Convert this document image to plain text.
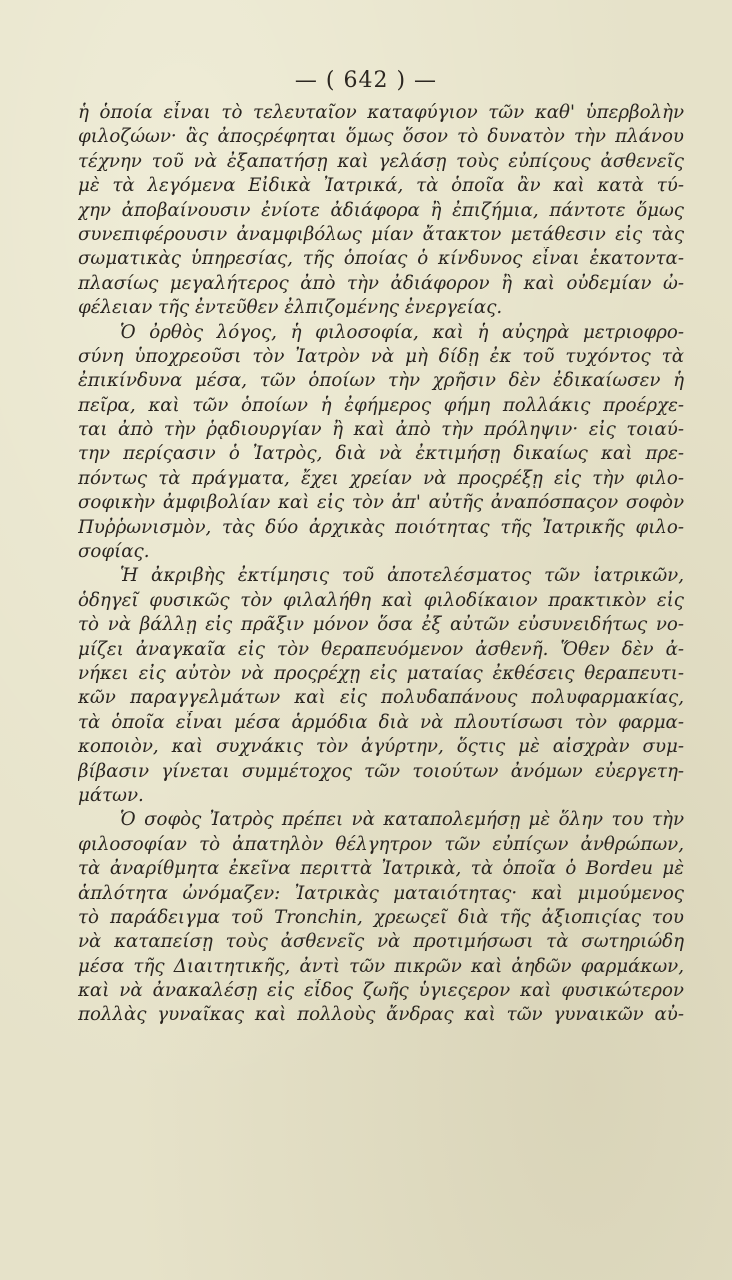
— ( 642 ) —
ἡ ὁποία εἶναι τὸ τελευταῖον καταφύγιον τῶν καθ' ὑπερβολὴν
φιλοζώων· ἃς ἀποςρέφηται ὅμως ὅσον τὸ δυνατὸν τὴν πλάνου
τέχνην τοῦ νὰ ἐξαπατήσῃ καὶ γελάσῃ τοὺς εὐπίςους ἀσθενεῖς
μὲ τὰ λεγόμενα Εἰδικὰ Ἰατρικά, τὰ ὁποῖα ἂν καὶ κατὰ τύ-
χην ἀποβαίνουσιν ἐνίοτε ἀδιάφορα ἢ ἐπιζήμια, πάντοτε ὅμως
συνεπιφέρουσιν ἀναμφιβόλως μίαν ἄτακτον μετάθεσιν εἰς τὰς
σωματικὰς ὑπηρεσίας, τῆς ὁποίας ὁ κίνδυνος εἶναι ἑκατοντα-
πλασίως μεγαλήτερος ἀπὸ τὴν ἀδιάφορον ἢ καὶ οὐδεμίαν ὠ-
φέλειαν τῆς ἐντεῦθεν ἐλπιζομένης ἐνεργείας.
Ὁ ὀρθὸς λόγος, ἡ φιλοσοφία, καὶ ἡ αὐςηρὰ μετριοφρο-
σύνη ὑποχρεοῦσι τὸν Ἰατρὸν νὰ μὴ δίδῃ ἐκ τοῦ τυχόντος τὰ
ἐπικίνδυνα μέσα, τῶν ὁποίων τὴν χρῆσιν δὲν ἐδικαίωσεν ἡ
πεῖρα, καὶ τῶν ὁποίων ἡ ἐφήμερος φήμη πολλάκις προέρχε-
ται ἀπὸ τὴν ῥᾳδιουργίαν ἢ καὶ ἀπὸ τὴν πρόληψιν· εἰς τοιαύ-
την περίςασιν ὁ Ἰατρὸς, διὰ νὰ ἐκτιμήσῃ δικαίως καὶ πρε-
πόντως τὰ πράγματα, ἔχει χρείαν νὰ προςρέξῃ εἰς τὴν φιλο-
σοφικὴν ἀμφιβολίαν καὶ εἰς τὸν ἀπ' αὐτῆς ἀναπόσπαςον σοφὸν
Πυῤῥωνισμὸν, τὰς δύο ἀρχικὰς ποιότητας τῆς Ἰατρικῆς φιλο-
σοφίας.
Ἡ ἀκριβὴς ἐκτίμησις τοῦ ἀποτελέσματος τῶν ἰατρικῶν,
ὁδηγεῖ φυσικῶς τὸν φιλαλήθη καὶ φιλοδίκαιον πρακτικὸν εἰς
τὸ νὰ βάλλῃ εἰς πρᾶξιν μόνον ὅσα ἐξ αὐτῶν εὐσυνειδήτως νο-
μίζει ἀναγκαῖα εἰς τὸν θεραπευόμενον ἀσθενῆ. Ὅθεν δὲν ἀ-
νήκει εἰς αὐτὸν νὰ προςρέχῃ εἰς ματαίας ἐκθέσεις θεραπευτι-
κῶν παραγγελμάτων καὶ εἰς πολυδαπάνους πολυφαρμακίας,
τὰ ὁποῖα εἶναι μέσα ἁρμόδια διὰ νὰ πλουτίσωσι τὸν φαρμα-
κοποιὸν, καὶ συχνάκις τὸν ἀγύρτην, ὅςτις μὲ αἰσχρὰν συμ-
βίβασιν γίνεται συμμέτοχος τῶν τοιούτων ἀνόμων εὐεργετη-
μάτων.
Ὁ σοφὸς Ἰατρὸς πρέπει νὰ καταπολεμήσῃ μὲ ὅλην του τὴν
φιλοσοφίαν τὸ ἀπατηλὸν θέλγητρον τῶν εὐπίςων ἀνθρώπων,
τὰ ἀναρίθμητα ἐκεῖνα περιττὰ Ἰατρικὰ, τὰ ὁποῖα ὁ Bordeu μὲ
ἁπλότητα ὠνόμαζεν: Ἰατρικὰς ματαιότητας· καὶ μιμούμενος
τὸ παράδειγμα τοῦ Tronchin, χρεωςεῖ διὰ τῆς ἀξιοπιςίας του
νὰ καταπείσῃ τοὺς ἀσθενεῖς νὰ προτιμήσωσι τὰ σωτηριώδη
μέσα τῆς Διαιτητικῆς, ἀντὶ τῶν πικρῶν καὶ ἀηδῶν φαρμάκων,
καὶ νὰ ἀνακαλέσῃ εἰς εἶδος ζωῆς ὑγιεςερον καὶ φυσικώτερον
πολλὰς γυναῖκας καὶ πολλοὺς ἄνδρας καὶ τῶν γυναικῶν αὐ-
